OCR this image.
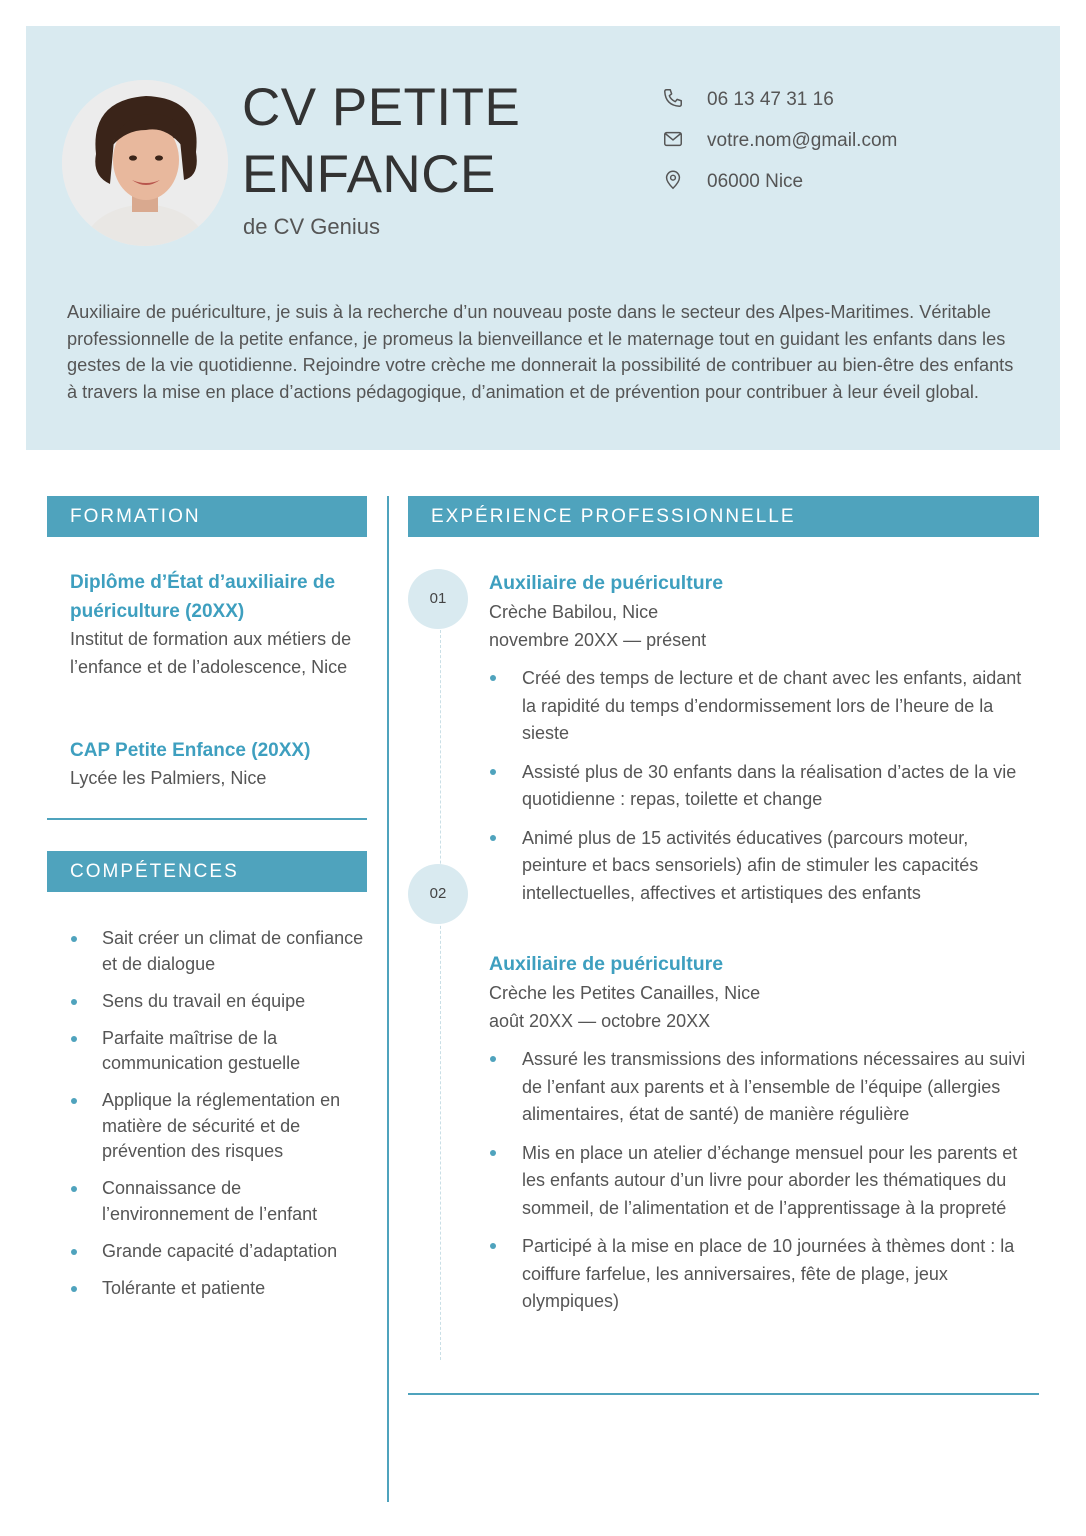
CV PETITE
ENFANCE
de CV Genius
06 13 47 31 16
votre.nom@gmail.com
06000 Nice
Auxiliaire de puériculture, je suis à la recherche d’un nouveau poste dans le secteur des Alpes-Maritimes. Véritable professionnelle de la petite enfance, je promeus la bienveillance et le maternage tout en guidant les enfants dans les gestes de la vie quotidienne. Rejoindre votre crèche me donnerait la possibilité de contribuer au bien-être des enfants à travers la mise en place d’actions pédagogique, d’animation et de prévention pour contribuer à leur éveil global.
FORMATION
Diplôme d’État d’auxiliaire de puériculture (20XX)
Institut de formation aux métiers de l’enfance et de l’adolescence, Nice
CAP Petite Enfance (20XX)
Lycée les Palmiers, Nice
COMPÉTENCES
Sait créer un climat de confiance et de dialogue
Sens du travail en équipe
Parfaite maîtrise de la communication gestuelle
Applique la réglementation en matière de sécurité et de prévention des risques
Connaissance de l’environnement de l’enfant
Grande capacité d’adaptation
Tolérante et patiente
EXPÉRIENCE PROFESSIONNELLE
01
02
Auxiliaire de puériculture
Crèche Babilou, Nice
novembre 20XX — présent
Créé des temps de lecture et de chant avec les enfants, aidant la rapidité du temps d’endormissement lors de l’heure de la sieste
Assisté plus de 30 enfants dans la réalisation d’actes de la vie quotidienne : repas, toilette et change
Animé plus de 15 activités éducatives (parcours moteur, peinture et bacs sensoriels) afin de stimuler les capacités intellectuelles, affectives et artistiques des enfants
Auxiliaire de puériculture
Crèche les Petites Canailles, Nice
août 20XX — octobre 20XX
Assuré les transmissions des informations nécessaires au suivi de l’enfant aux parents et à l’ensemble de l’équipe (allergies alimentaires, état de santé) de manière régulière
Mis en place un atelier d’échange mensuel pour les parents et les enfants autour d’un livre pour aborder les thématiques du sommeil, de l’alimentation et de l’apprentissage à la propreté
Participé à la mise en place de 10 journées à thèmes dont : la coiffure farfelue, les anniversaires, fête de plage, jeux olympiques)
